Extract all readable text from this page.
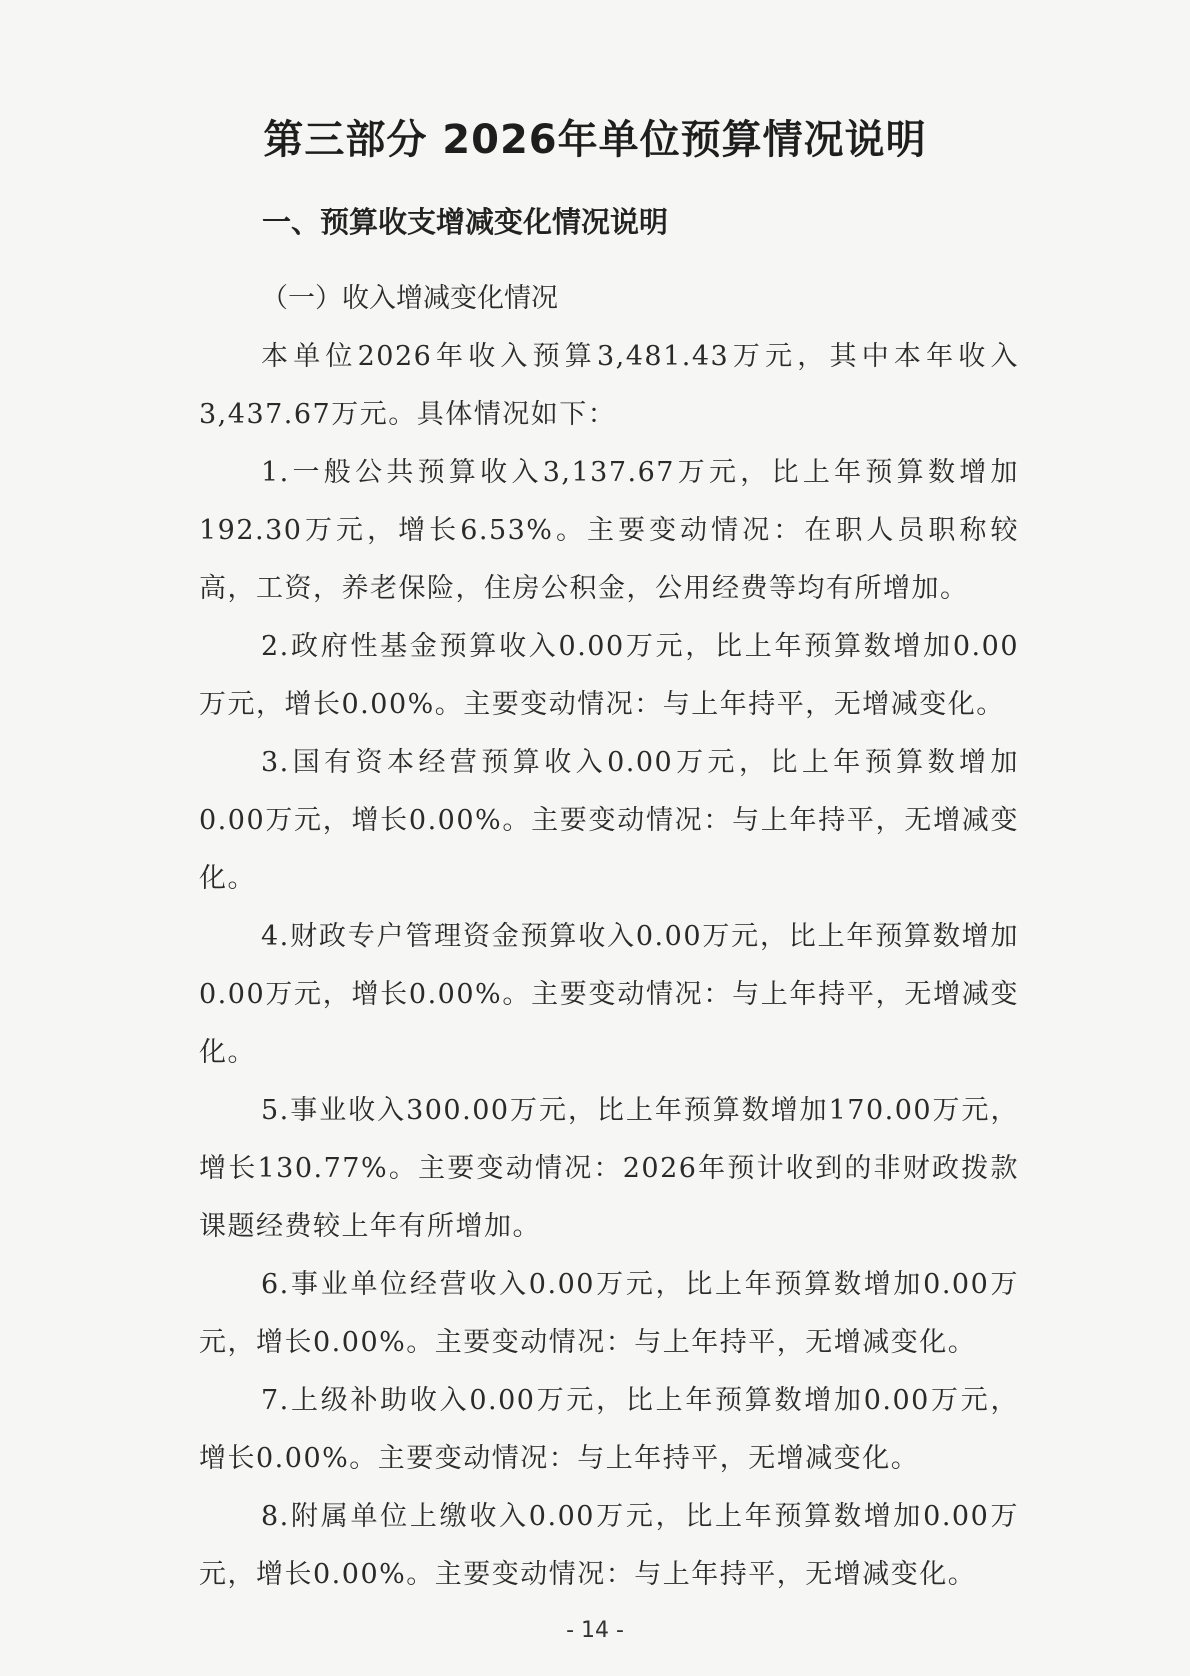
第三部分 2026年单位预算情况说明
一、预算收支增减变化情况说明

（一）收入增减变化情况

本单位2026年收入预算3,481.43万元，其中本年收入3,437.67万元。具体情况如下：

1.一般公共预算收入3,137.67万元，比上年预算数增加192.30万元，增长6.53%。主要变动情况：在职人员职称较高，工资，养老保险，住房公积金，公用经费等均有所增加。

2.政府性基金预算收入0.00万元，比上年预算数增加0.00万元，增长0.00%。主要变动情况：与上年持平，无增减变化。

3.国有资本经营预算收入0.00万元，比上年预算数增加0.00万元，增长0.00%。主要变动情况：与上年持平，无增减变化。

4.财政专户管理资金预算收入0.00万元，比上年预算数增加0.00万元，增长0.00%。主要变动情况：与上年持平，无增减变化。

5.事业收入300.00万元，比上年预算数增加170.00万元，增长130.77%。主要变动情况：2026年预计收到的非财政拨款课题经费较上年有所增加。

6.事业单位经营收入0.00万元，比上年预算数增加0.00万元，增长0.00%。主要变动情况：与上年持平，无增减变化。

7.上级补助收入0.00万元，比上年预算数增加0.00万元，增长0.00%。主要变动情况：与上年持平，无增减变化。

8.附属单位上缴收入0.00万元，比上年预算数增加0.00万元，增长0.00%。主要变动情况：与上年持平，无增减变化。

- 14 -
